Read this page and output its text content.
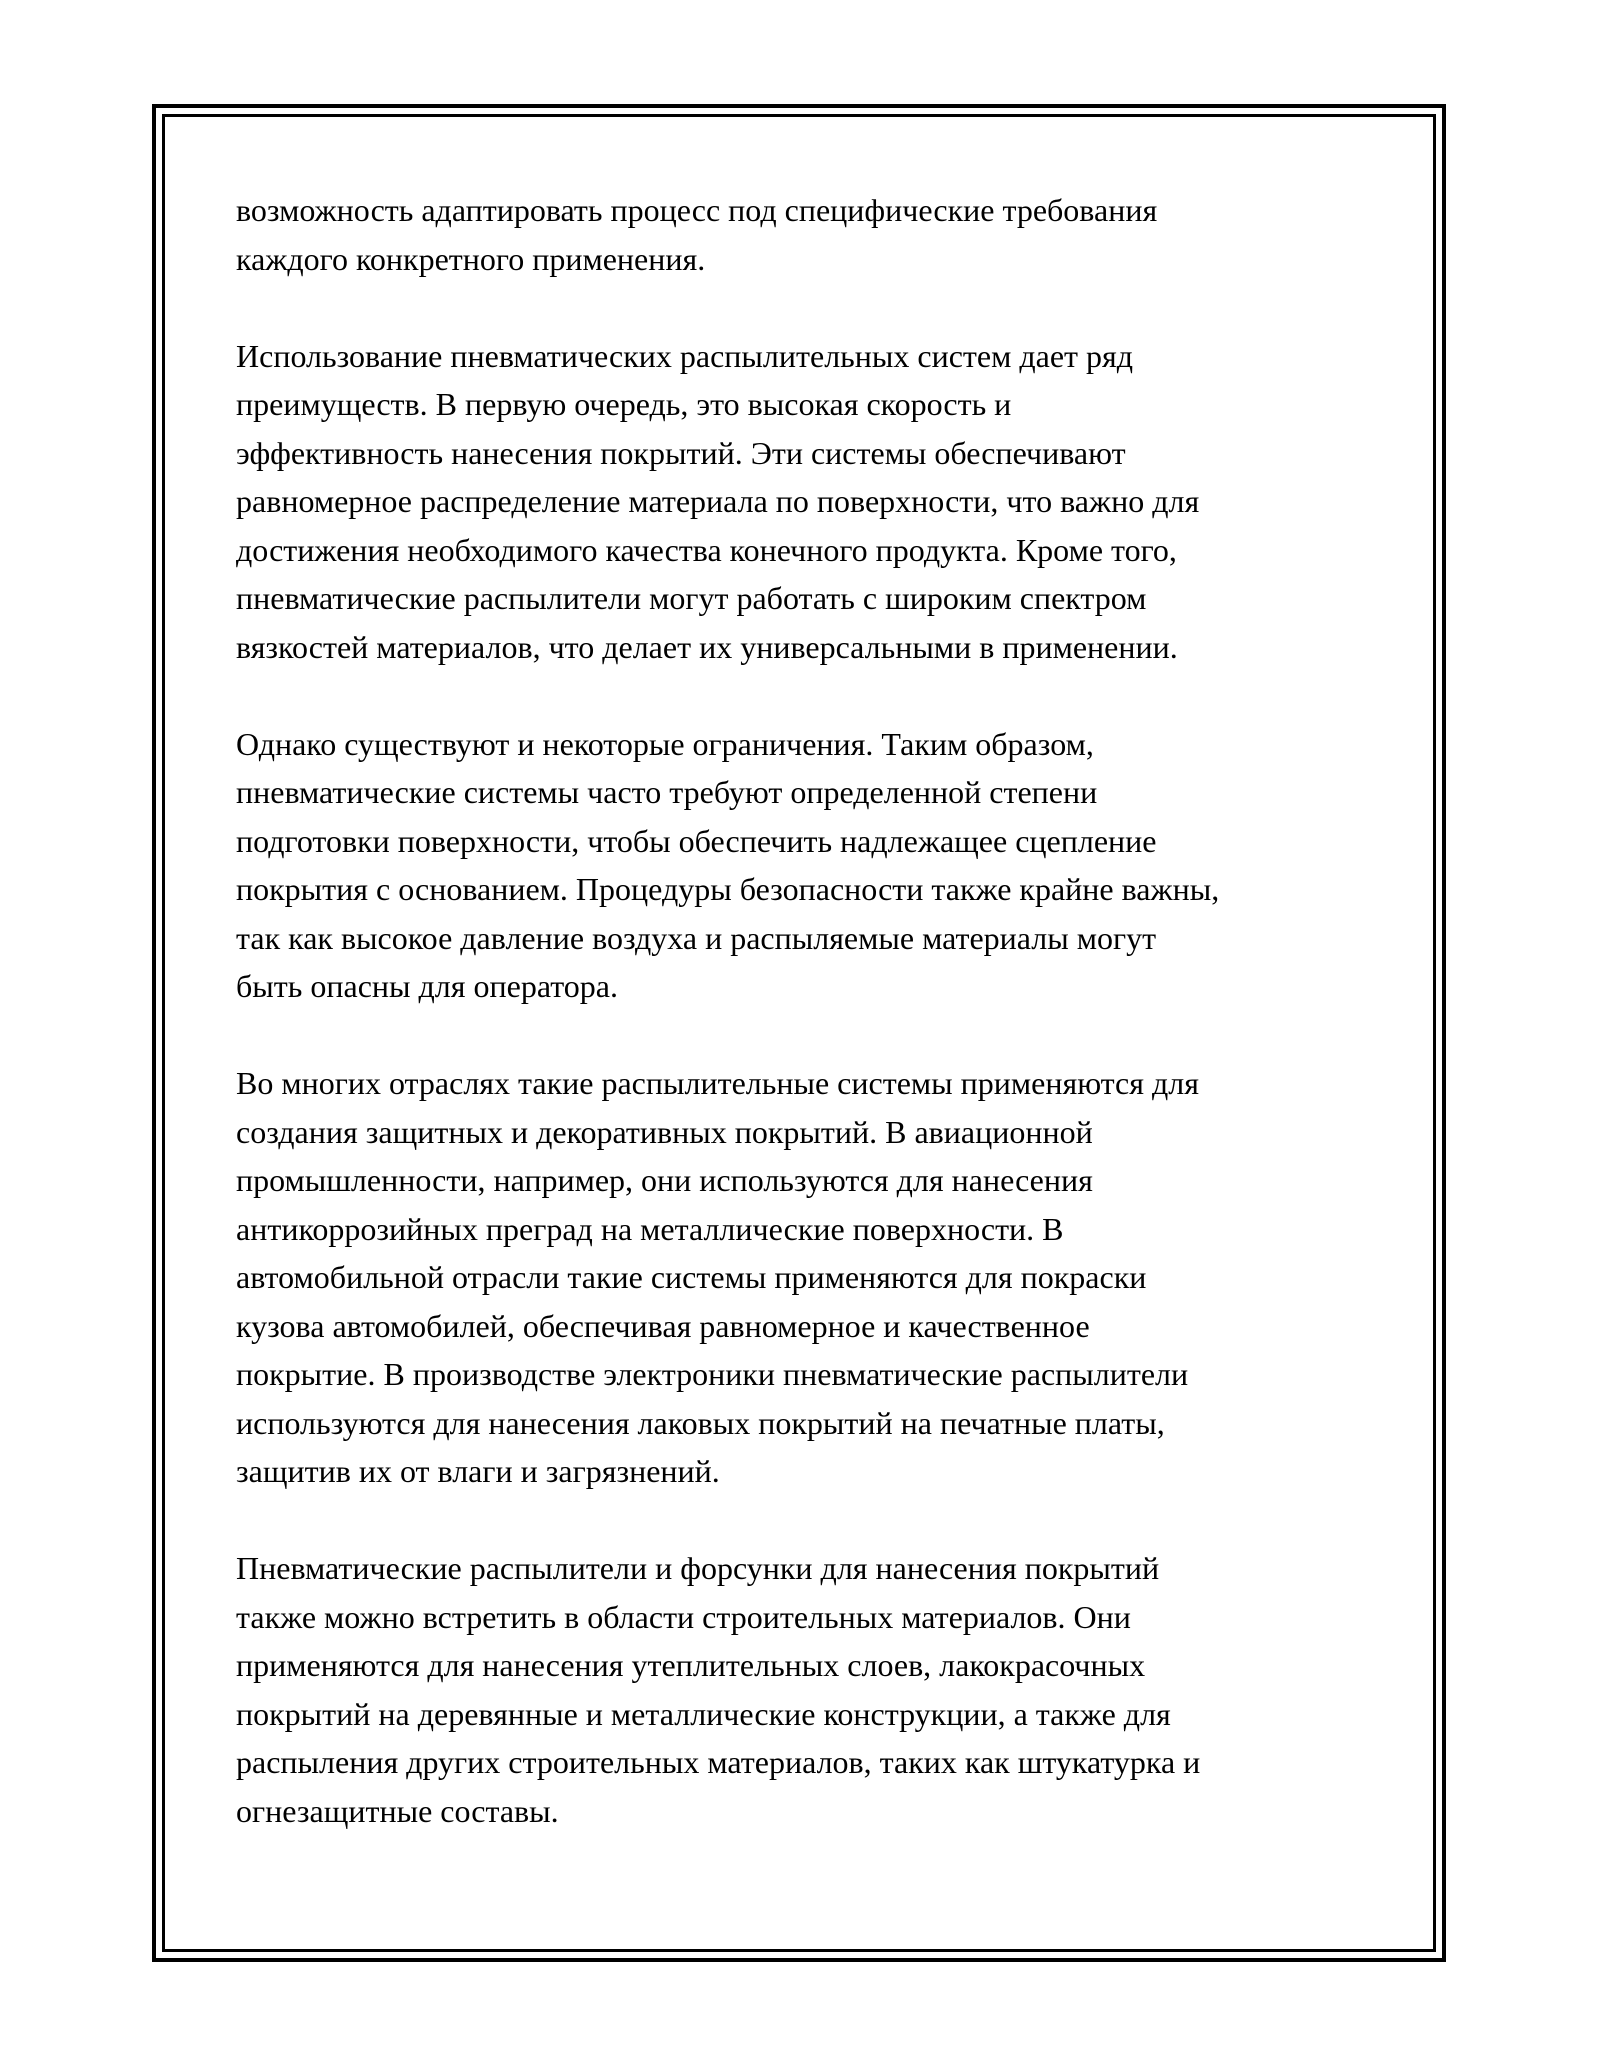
возможность адаптировать процесс под специфические требования
каждого конкретного применения.

Использование пневматических распылительных систем дает ряд
преимуществ. В первую очередь, это высокая скорость и
эффективность нанесения покрытий. Эти системы обеспечивают
равномерное распределение материала по поверхности, что важно для
достижения необходимого качества конечного продукта. Кроме того,
пневматические распылители могут работать с широким спектром
вязкостей материалов, что делает их универсальными в применении.

Однако существуют и некоторые ограничения. Таким образом,
пневматические системы часто требуют определенной степени
подготовки поверхности, чтобы обеспечить надлежащее сцепление
покрытия с основанием. Процедуры безопасности также крайне важны,
так как высокое давление воздуха и распыляемые материалы могут
быть опасны для оператора.

Во многих отраслях такие распылительные системы применяются для
создания защитных и декоративных покрытий. В авиационной
промышленности, например, они используются для нанесения
антикоррозийных преград на металлические поверхности. В
автомобильной отрасли такие системы применяются для покраски
кузова автомобилей, обеспечивая равномерное и качественное
покрытие. В производстве электроники пневматические распылители
используются для нанесения лаковых покрытий на печатные платы,
защитив их от влаги и загрязнений.

Пневматические распылители и форсунки для нанесения покрытий
также можно встретить в области строительных материалов. Они
применяются для нанесения утеплительных слоев, лакокрасочных
покрытий на деревянные и металлические конструкции, а также для
распыления других строительных материалов, таких как штукатурка и
огнезащитные составы.
